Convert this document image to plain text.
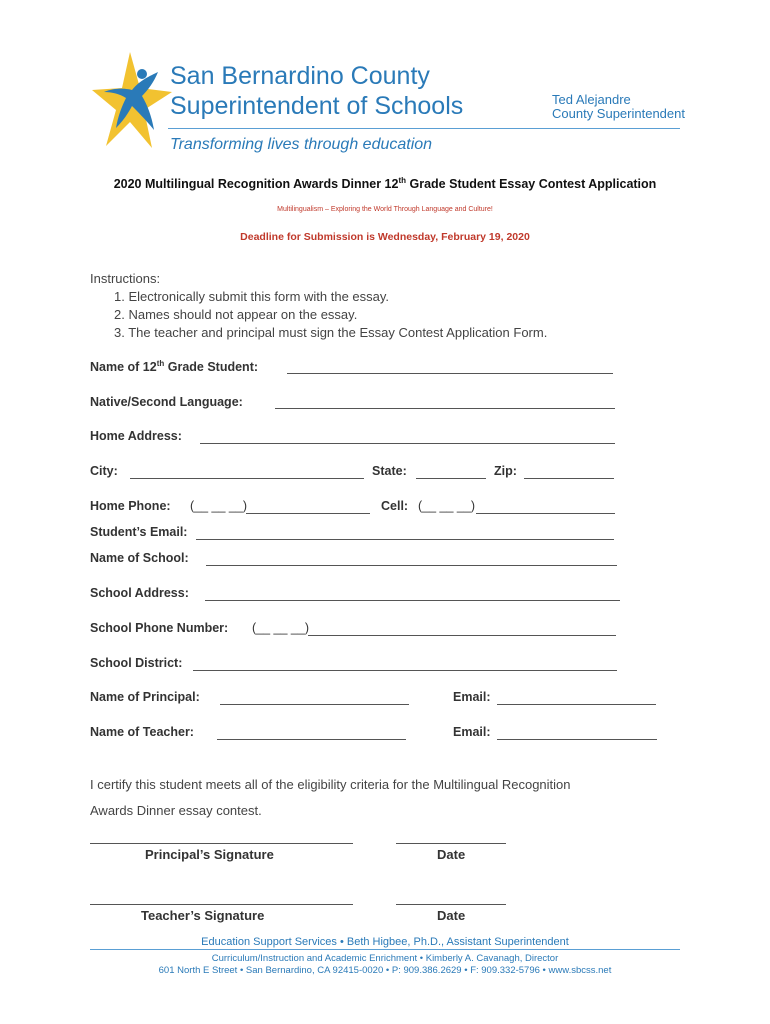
San Bernardino County
Superintendent of Schools	Ted Alejandre
County Superintendent
Transforming lives through education
2020 Multilingual Recognition Awards Dinner 12th Grade Student Essay Contest Application
Multilingualism – Exploring the World Through Language and Culture!
Deadline for Submission is Wednesday, February 19, 2020
Instructions:
1. Electronically submit this form with the essay.
2. Names should not appear on the essay.
3. The teacher and principal must sign the Essay Contest Application Form.
Name of 12th Grade Student:
Native/Second Language:
Home Address:
City:	State:	Zip:
Home Phone: (__ __ __)	Cell: (__ __ __)
Student’s Email:
Name of School:
School Address:
School Phone Number: (__ __ __)
School District:
Name of Principal:	Email:
Name of Teacher:	Email:
I certify this student meets all of the eligibility criteria for the Multilingual Recognition
Awards Dinner essay contest.
Principal’s Signature	Date
Teacher’s Signature	Date
Education Support Services • Beth Higbee, Ph.D., Assistant Superintendent
Curriculum/Instruction and Academic Enrichment • Kimberly A. Cavanagh, Director
601 North E Street • San Bernardino, CA 92415-0020 • P: 909.386.2629 • F: 909.332-5796 • www.sbcss.net
